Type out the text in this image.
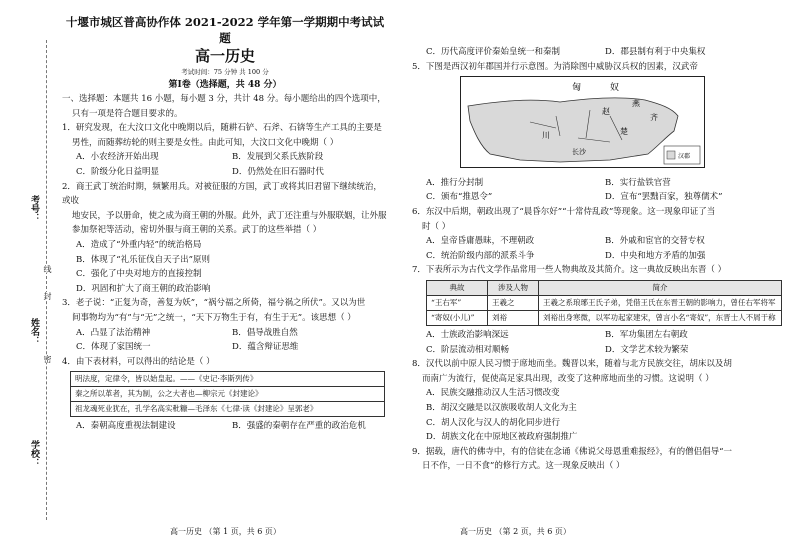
考号：
姓名：
学校：
线
封
密
十堰市城区普高协作体 2021-2022 学年第一学期期中考试试题
高一历史
考试时间：75 分钟 共 100 分
第Ⅰ卷（选择题，共 48 分）
一、选择题：本题共 16 小题，每小题 3 分，共计 48 分。每小题给出的四个选项中，
只有一项是符合题目要求的。
1．研究发现，在大汶口文化中晚期以后，随耕石铲、石斧、石锛等生产工具的主要是
男性，而随葬纺轮的则主要是女性。由此可知，大汶口文化中晚期（ ）
A．小农经济开始出现	B．发展到父系氏族阶段
C．阶级分化日益明显	D．仍然处在旧石器时代
2．商王武丁统治时期，频繁用兵。对被征服的方国，武丁或将其旧君留下继续统治，或收
地安民，予以册命，使之成为商王朝的外服。此外，武丁还注重与外服联姻，让外服
参加祭祀等活动，密切外服与商王朝的关系。武丁的这些举措（ ）
A．造成了“外重内轻”的统治格局
B．体现了“礼乐征伐自天子出”原则
C．强化了中央对地方的直接控制
D．巩固和扩大了商王朝的政治影响
3．老子说：“正复为奇，善复为妖”，“祸兮福之所倚，福兮祸之所伏”。又以为世
间事物均为“有”与“无”之统一，“天下万物生于有，有生于无”。该思想（ ）
A．凸显了法治精神	B．倡导战胜自然
C．体现了家国统一	D．蕴含辩证思维
4．由下表材料，可以得出的结论是（ ）
明法度，定律令，皆以始皇起。——《史记·李斯列传》
秦之所以革者，其为制，公之大者也—柳宗元《封建论》
祖龙魂死业犹在，孔学名高实秕糠—毛泽东《七律·读《封建论》呈郭老》
A．秦朝高度重视法制建设	B．强盛的秦朝存在严重的政治危机
高一历史 （第 1 页，共 6 页）
C．历代高度评价秦始皇统一和秦制	D．郡县制有利于中央集权
5．下图是西汉初年郡国并行示意图。为消除图中威胁汉兵权的因素，汉武帝
匈	奴
长沙
楚
赵
齐
川
燕
汉郡
A．推行分封制	B．实行盐铁官营
C．颁布“推恩令”	D．宣布“罢黜百家，独尊儒术”
6．东汉中后期，朝政出现了“晨昏尔好”“十常侍乱政”等现象。这一现象印证了当
时（ ）
A．皇帝昏庸愚昧，不理朝政	B．外戚和宦官的交替专权
C．统治阶级内部的派系斗争	D．中央和地方矛盾的加强
7．下表所示为古代文学作品常用一些人物典故及其简介。这一典故反映出东晋（ ）
典故	涉及人物	简介
“王右军”	王羲之	王羲之系琅琊王氏子弟，凭借王氏在东晋王朝的影响力，曾任右军将军
“寄奴(小儿)”	刘裕	刘裕出身寒微，以军功起家建宋，曾言小名“寄奴”，东晋士人不屑于称
A．士族政治影响深远	B．军功集团左右朝政
C．阶层流动相对顺畅	D．文学艺术较为繁荣
8．汉代以前中原人民习惯于席地而坐。魏晋以来，随着与北方民族交往，胡床以及胡
而南广为流行，促使高足家具出现，改变了这种席地而坐的习惯。这说明（ ）
A．民族交融推动汉人生活习惯改变
B．胡汉交融是以汉族吸收胡人文化为主
C．胡人汉化与汉人的胡化同步进行
D．胡族文化在中原地区被政府强制推广
9．据载，唐代的佛寺中，有的信徒在念诵《佛说父母恩重难报经》，有的僧侣倡导“一
日不作，一日不食”的修行方式。这一现象反映出（ ）
高一历史 （第 2 页，共 6 页）
